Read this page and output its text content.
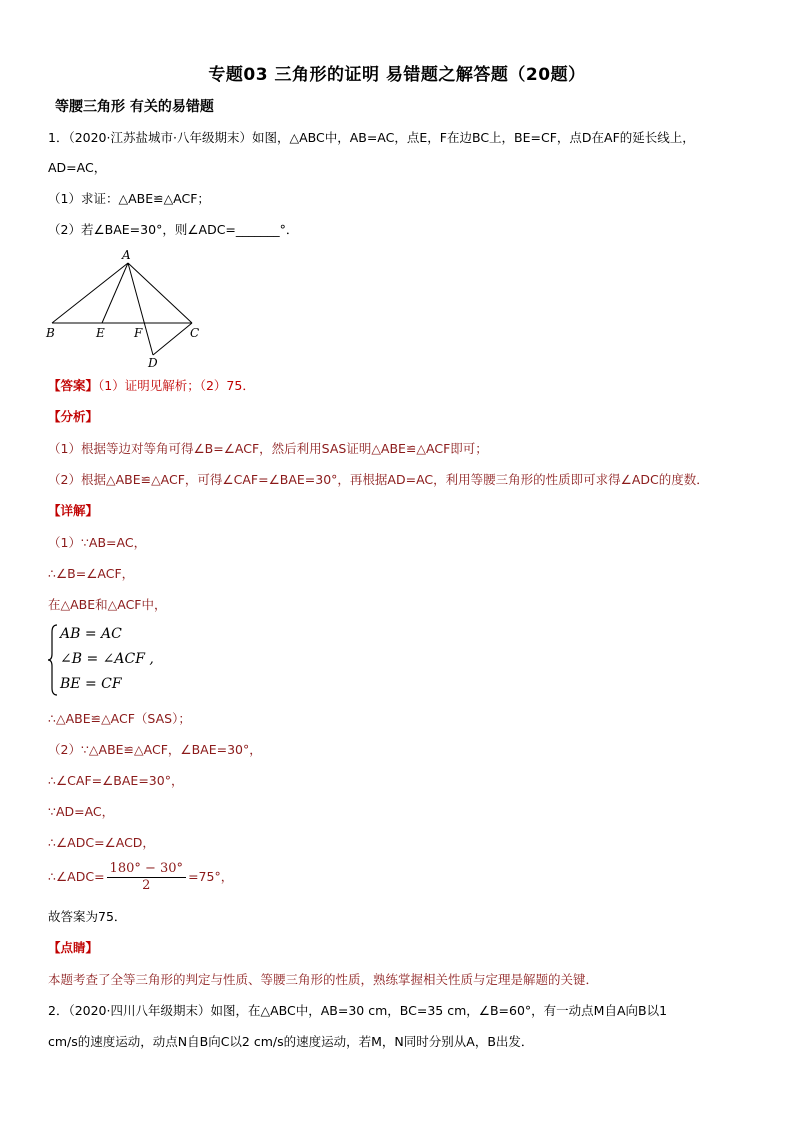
专题03 三角形的证明 易错题之解答题（20题）
等腰三角形 有关的易错题
1．（2020·江苏盐城市·八年级期末）如图，△ABC中，AB=AC，点E，F在边BC上，BE=CF，点D在AF的延长线上，
AD=AC，
（1）求证：△ABE≌△ACF；
（2）若∠BAE=30°，则∠ADC=_______°．
A
B	E F	C
D
【答案】（1）证明见解析；（2）75．
【分析】
（1）根据等边对等角可得∠B=∠ACF，然后利用SAS证明△ABE≌△ACF即可；
（2）根据△ABE≌△ACF，可得∠CAF=∠BAE=30°，再根据AD=AC，利用等腰三角形的性质即可求得∠ADC的度数．
【详解】
（1）∵AB=AC，
∴∠B=∠ACF，
在△ABE和△ACF中，
AB = AC
∠B = ∠ACF ,
BE = CF
∴△ABE≌△ACF（SAS）；
（2）∵△ABE≌△ACF，∠BAE=30°，
∴∠CAF=∠BAE=30°，
∵AD=AC，
∴∠ADC=∠ACD，
∴∠ADC= $\frac{180^\circ - 30^\circ}{2} =75^\circ$，
故答案为75．
【点睛】
本题考查了全等三角形的判定与性质、等腰三角形的性质，熟练掌握相关性质与定理是解题的关键．
2．（2020·四川八年级期末）如图，在△ABC中，AB=30 cm，BC=35 cm，∠B=60°，有一动点M自A向B以1
cm/s的速度运动，动点N自B向C以2 cm/s的速度运动，若M，N同时分别从A，B出发．
